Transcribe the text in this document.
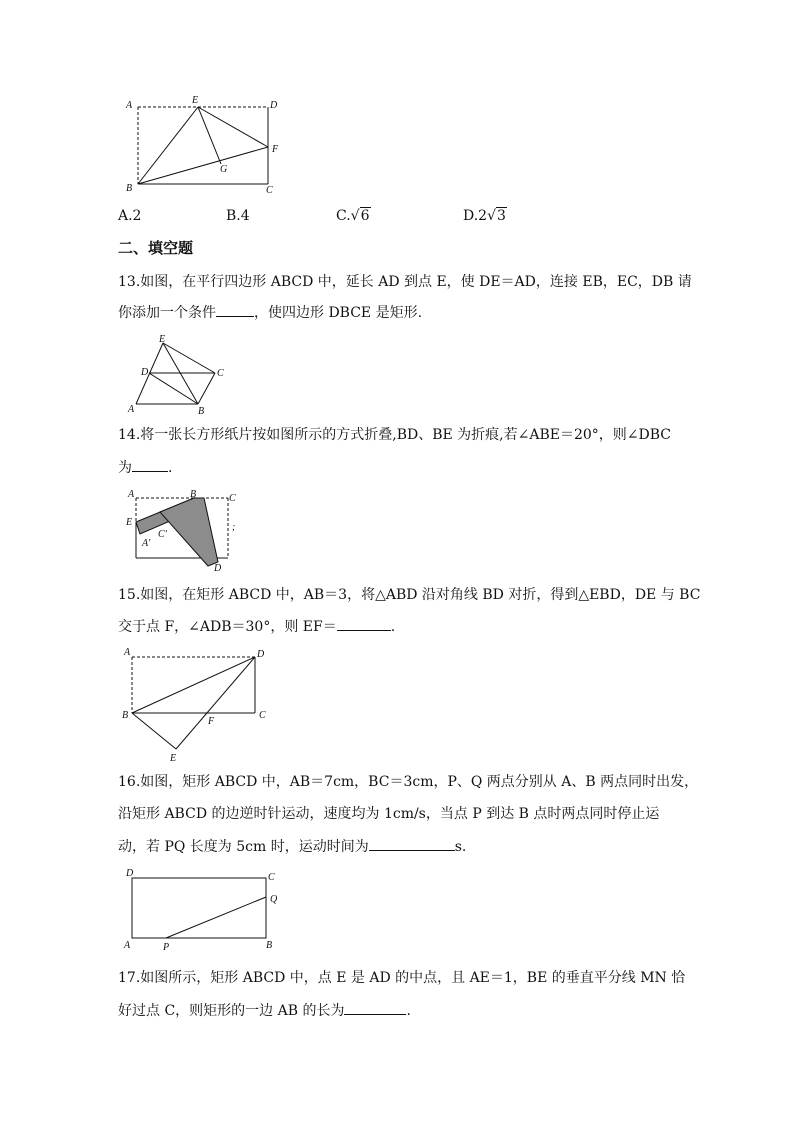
A	E	D
F
G
B	C
A.2	B.4	C.√6	D.2√3
二、填空题
13.如图，在平行四边形 ABCD 中，延长 AD 到点 E，使 DE＝AD，连接 EB，EC，DB 请
你添加一个条件	，使四边形 DBCE 是矩形.
E
D	C
A	B
14.将一张长方形纸片按如图所示的方式折叠,BD、BE 为折痕,若∠ABE＝20°，则∠DBC
为	.
A	B	C
E
A'
C'
D
;
15.如图，在矩形 ABCD 中，AB＝3，将△ABD 沿对角线 BD 对折，得到△EBD，DE 与 BC
交于点 F，∠ADB＝30°，则 EF＝	.
A	D
B
F
C
E
16.如图，矩形 ABCD 中，AB＝7cm，BC＝3cm，P、Q 两点分别从 A、B 两点同时出发，
沿矩形 ABCD 的边逆时针运动，速度均为 1cm/s，当点 P 到达 B 点时两点同时停止运
动，若 PQ 长度为 5cm 时，运动时间为	s.
D	C
Q
A	P	B
17.如图所示，矩形 ABCD 中，点 E 是 AD 的中点，且 AE＝1，BE 的垂直平分线 MN 恰
好过点 C，则矩形的一边 AB 的长为	.
